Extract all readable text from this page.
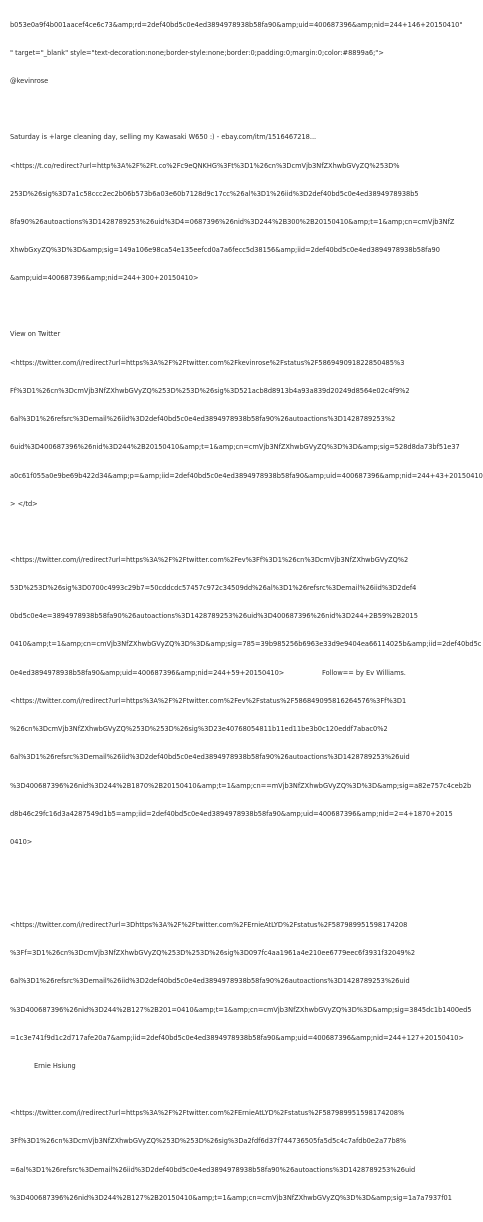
b053e0a9f4b001aacef4ce6c73&amp;rd=2def40bd5c0e4ed3894978938b58fa90&amp;uid=400687396&amp;nid=244+146+20150410"

" target="_blank" style="text-decoration:none;border-style:none;border:0;padding:0;margin:0;color:#8899a6;">

@kevinrose

Saturday is +large cleaning day, selling my Kawasaki W650 :) - ebay.com/itm/1516467218...

<https://t.co/redirect?url=http%3A%2F%2Ft.co%2Fc9eQNKHG%3Ft%3D1%26cn%3DcmVjb3NfZXhwbGVyZQ%253D%

253D%26sig%3D7a1c58ccc2ec2b06b573b6a03e60b7128d9c17cc%26al%3D1%26iid%3D2def40bd5c0e4ed3894978938b5

8fa90%26autoactions%3D1428789253%26uid%3D4=0687396%26nid%3D244%2B300%2B20150410&amp;t=1&amp;cn=cmVjb3NfZ

XhwbGxyZQ%3D%3D&amp;sig=149a106e98ca54e135eefcd0a7a6fecc5d38156&amp;iid=2def40bd5c0e4ed3894978938b58fa90

&amp;uid=400687396&amp;nid=244+300+20150410>

View on Twitter

<https://twitter.com/i/redirect?url=https%3A%2F%2Ftwitter.com%2Fkevinrose%2Fstatus%2F586949091822850485%3

Ff%3D1%26cn%3DcmVjb3NfZXhwbGVyZQ%253D%253D%26sig%3D521acb8d8913b4a93a839d20249d8564e02c4f9%2

6al%3D1%26refsrc%3Demail%26iid%3D2def40bd5c0e4ed3894978938b58fa90%26autoactions%3D1428789253%2

6uid%3D400687396%26nid%3D244%2B20150410&amp;t=1&amp;cn=cmVjb3NfZXhwbGVyZQ%3D%3D&amp;sig=528d8da73bf51e37

a0c61f055a0e9be69b422d34&amp;p=&amp;iid=2def40bd5c0e4ed3894978938b58fa90&amp;uid=400687396&amp;nid=244+43+20150410

> </td>

<https://twitter.com/i/redirect?url=https%3A%2F%2Ftwitter.com%2Fev%3Ff%3D1%26cn%3DcmVjb3NfZXhwbGVyZQ%2

53D%253D%26sig%3D0700c4993c29b7=50cddcdc57457c972c34509dd%26al%3D1%26refsrc%3Demail%26iid%3D2def4

0bd5c0e4e=3894978938b58fa90%26autoactions%3D1428789253%26uid%3D400687396%26nid%3D244+2B59%2B2015

0410&amp;t=1&amp;cn=cmVjb3NfZXhwbGVyZQ%3D%3D&amp;sig=785=39b985256b6963e33d9e9404ea66114025b&amp;iid=2def40bd5c

0e4ed3894978938b58fa90&amp;uid=400687396&amp;nid=244+59+20150410>                  Follow== by Ev Williams.

<https://twitter.com/i/redirect?url=https%3A%2F%2Ftwitter.com%2Fev%2Fstatus%2F586849095816264576%3Ff%3D1

%26cn%3DcmVjb3NfZXhwbGVyZQ%253D%253D%26sig%3D23e40768054811b11ed11be3b0c120eddf7abac0%2

6al%3D1%26refsrc%3Demail%26iid%3D2def40bd5c0e4ed3894978938b58fa90%26autoactions%3D1428789253%26uid

%3D400687396%26nid%3D244%2B1870%2B20150410&amp;t=1&amp;cn==mVjb3NfZXhwbGVyZQ%3D%3D&amp;sig=a82e757c4ceb2b

d8b46c29fc16d3a4287549d1b5=amp;iid=2def40bd5c0e4ed3894978938b58fa90&amp;uid=400687396&amp;nid=2=4+1870+2015

0410>

<https://twitter.com/i/redirect?url=3Dhttps%3A%2F%2Ftwitter.com%2FErnieAtLYD%2Fstatus%2F587989951598174208

%3Ff=3D1%26cn%3DcmVjb3NfZXhwbGVyZQ%253D%253D%26sig%3D097fc4aa1961a4e210ee6779eec6f3931f32049%2

6al%3D1%26refsrc%3Demail%26iid%3D2def40bd5c0e4ed3894978938b58fa90%26autoactions%3D1428789253%26uid

%3D400687396%26nid%3D244%2B127%2B201=0410&amp;t=1&amp;cn=cmVjb3NfZXhwbGVyZQ%3D%3D&amp;sig=3845dc1b1400ed5

=1c3e741f9d1c2d717afe20a7&amp;iid=2def40bd5c0e4ed3894978938b58fa90&amp;uid=400687396&amp;nid=244+127+20150410>

Ernie Hsiung

<https://twitter.com/i/redirect?url=https%3A%2F%2Ftwitter.com%2FErnieAtLYD%2Fstatus%2F587989951598174208%

3Ff%3D1%26cn%3DcmVjb3NfZXhwbGVyZQ%253D%253D%26sig%3Da2fdf6d37f744736505fa5d5c4c7afdb0e2a77b8%

=6al%3D1%26refsrc%3Demail%26iid%3D2def40bd5c0e4ed3894978938b58fa90%26autoactions%3D1428789253%26uid

%3D400687396%26nid%3D244%2B127%2B20150410&amp;t=1&amp;cn=cmVjb3NfZXhwbGVyZQ%3D%3D&amp;sig=1a7a7937f01
